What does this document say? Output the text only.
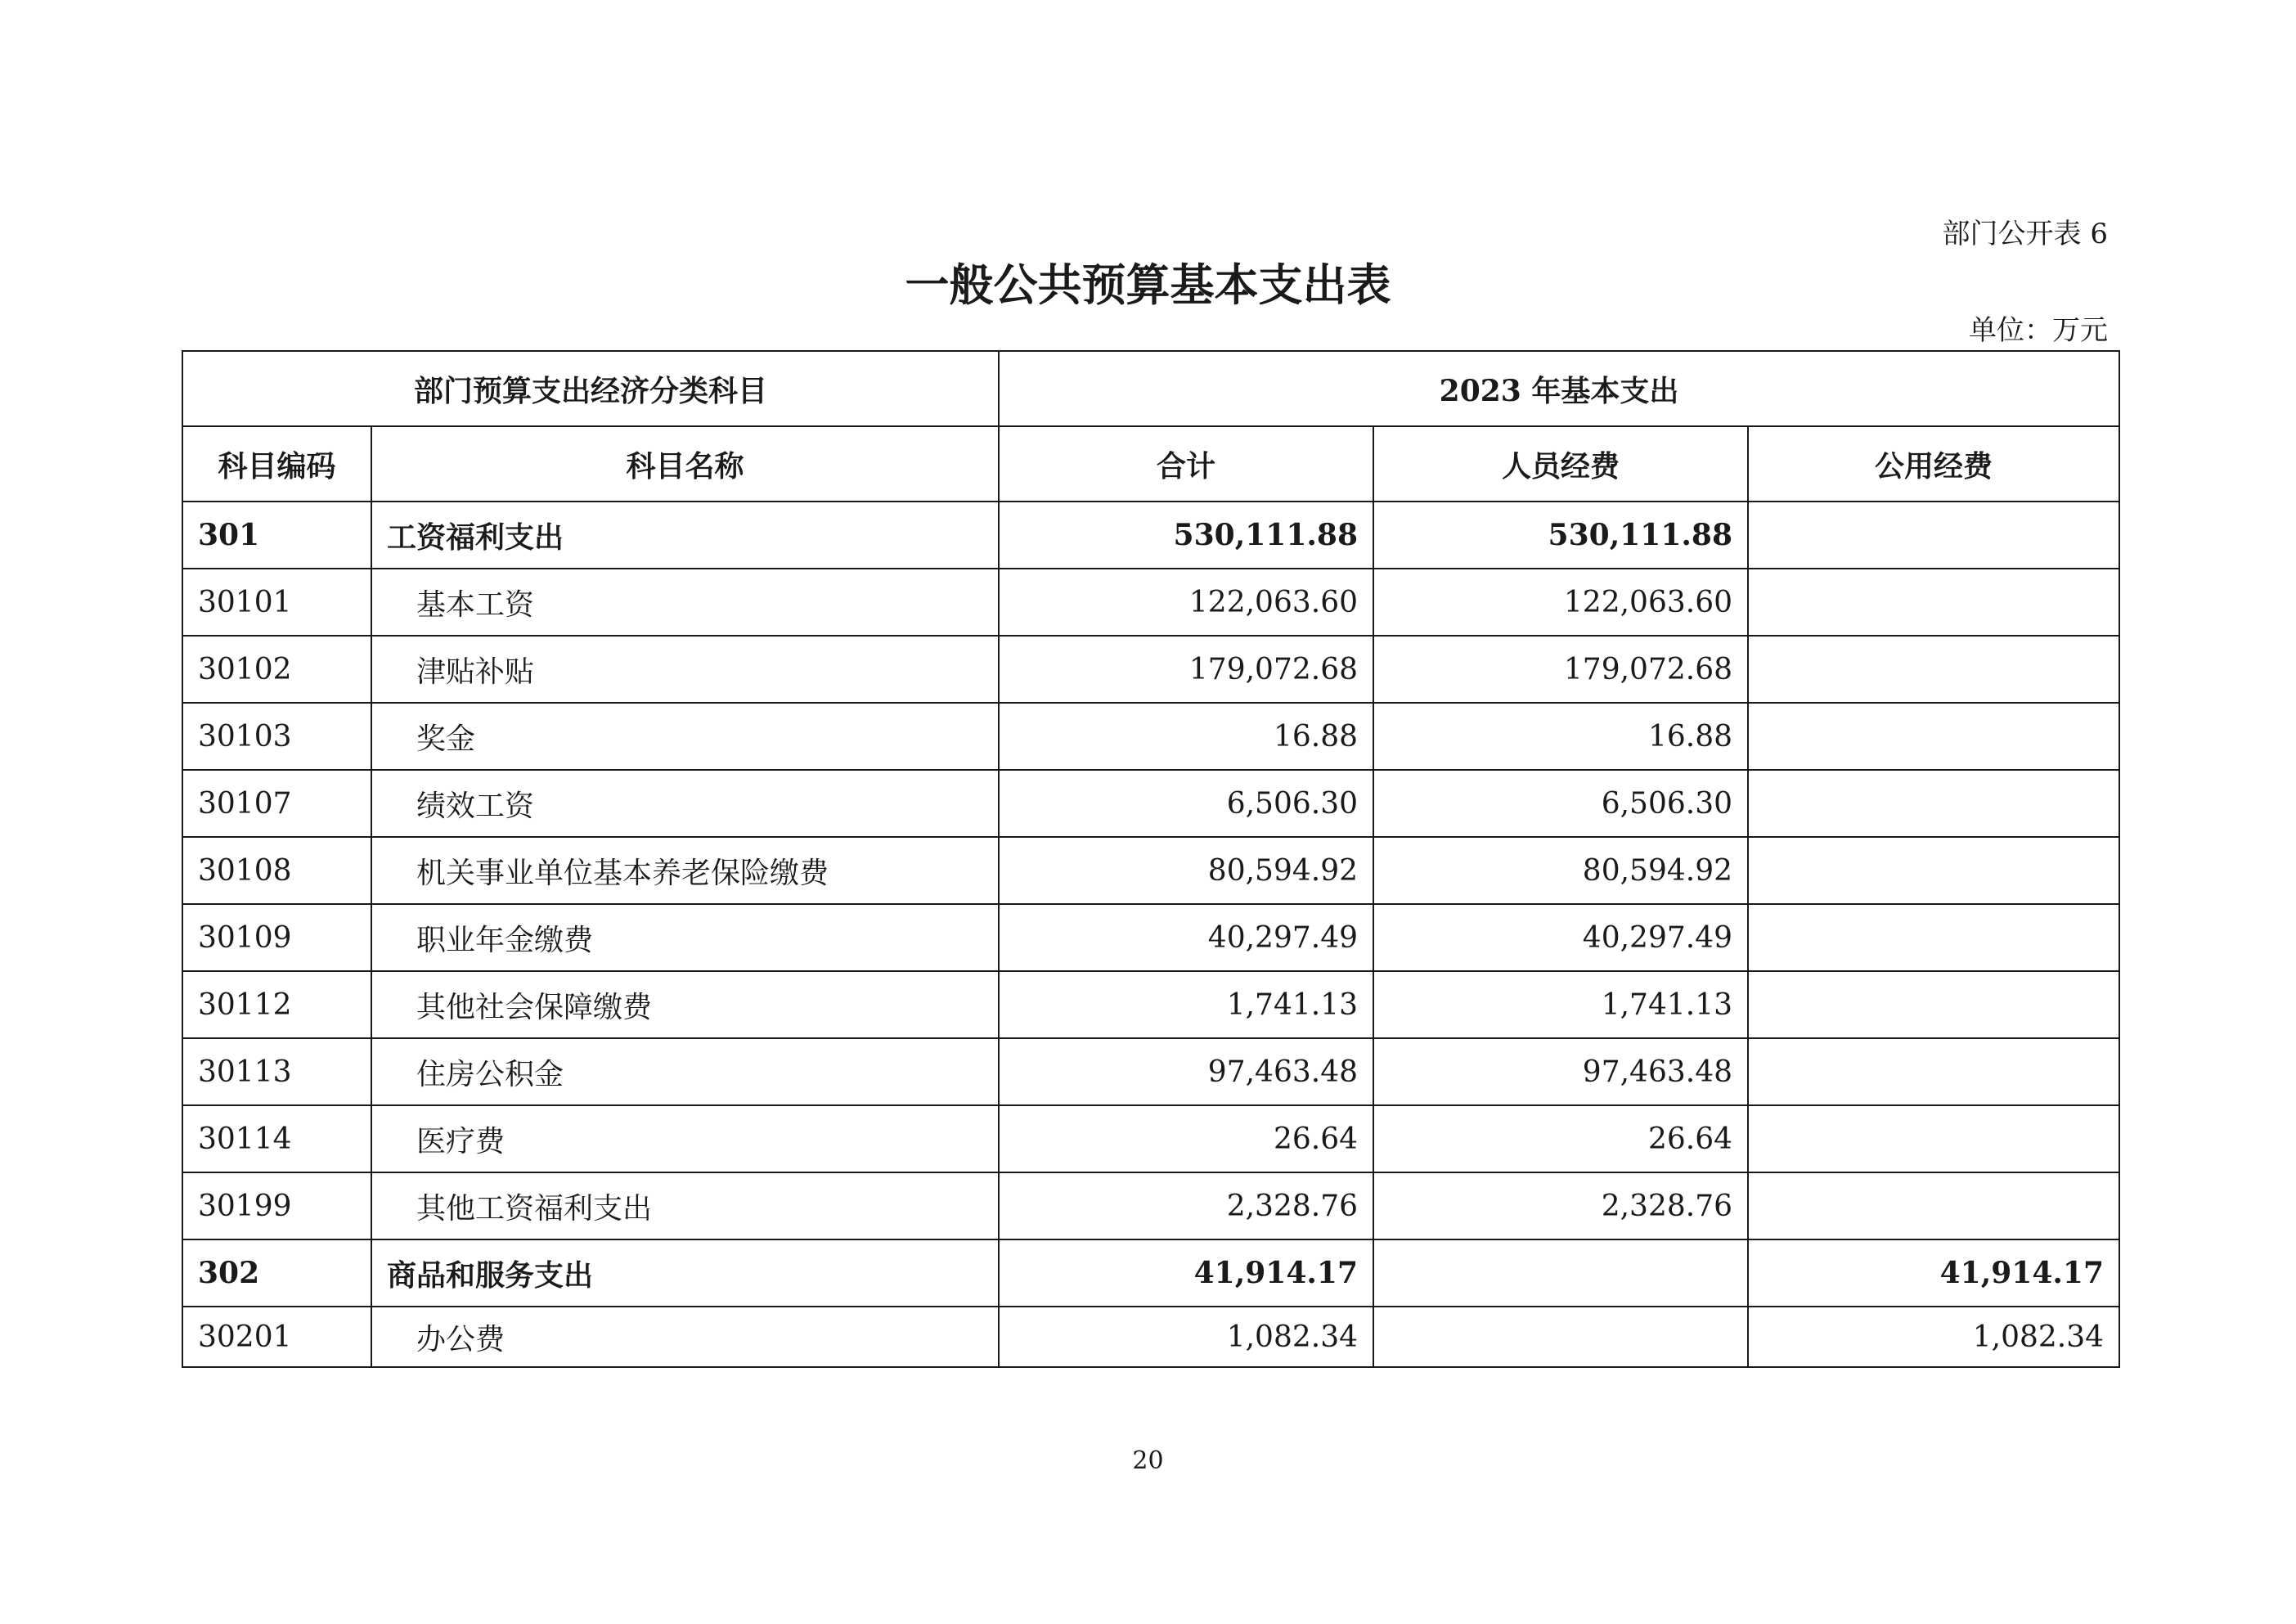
部门公开表 6
一般公共预算基本支出表
单位：万元
部门预算支出经济分类科目		2023 年基本支出		
科目编码	科目名称	合计	人员经费	公用经费
301	工资福利支出	530,111.88	530,111.88	
30101	基本工资	122,063.60	122,063.60	
30102	津贴补贴	179,072.68	179,072.68	
30103	奖金	16.88	16.88	
30107	绩效工资	6,506.30	6,506.30	
30108	机关事业单位基本养老保险缴费	80,594.92	80,594.92	
30109	职业年金缴费	40,297.49	40,297.49	
30112	其他社会保障缴费	1,741.13	1,741.13	
30113	住房公积金	97,463.48	97,463.48	
30114	医疗费	26.64	26.64	
30199	其他工资福利支出	2,328.76	2,328.76	
302	商品和服务支出	41,914.17		41,914.17
30201	办公费	1,082.34		1,082.34
20
